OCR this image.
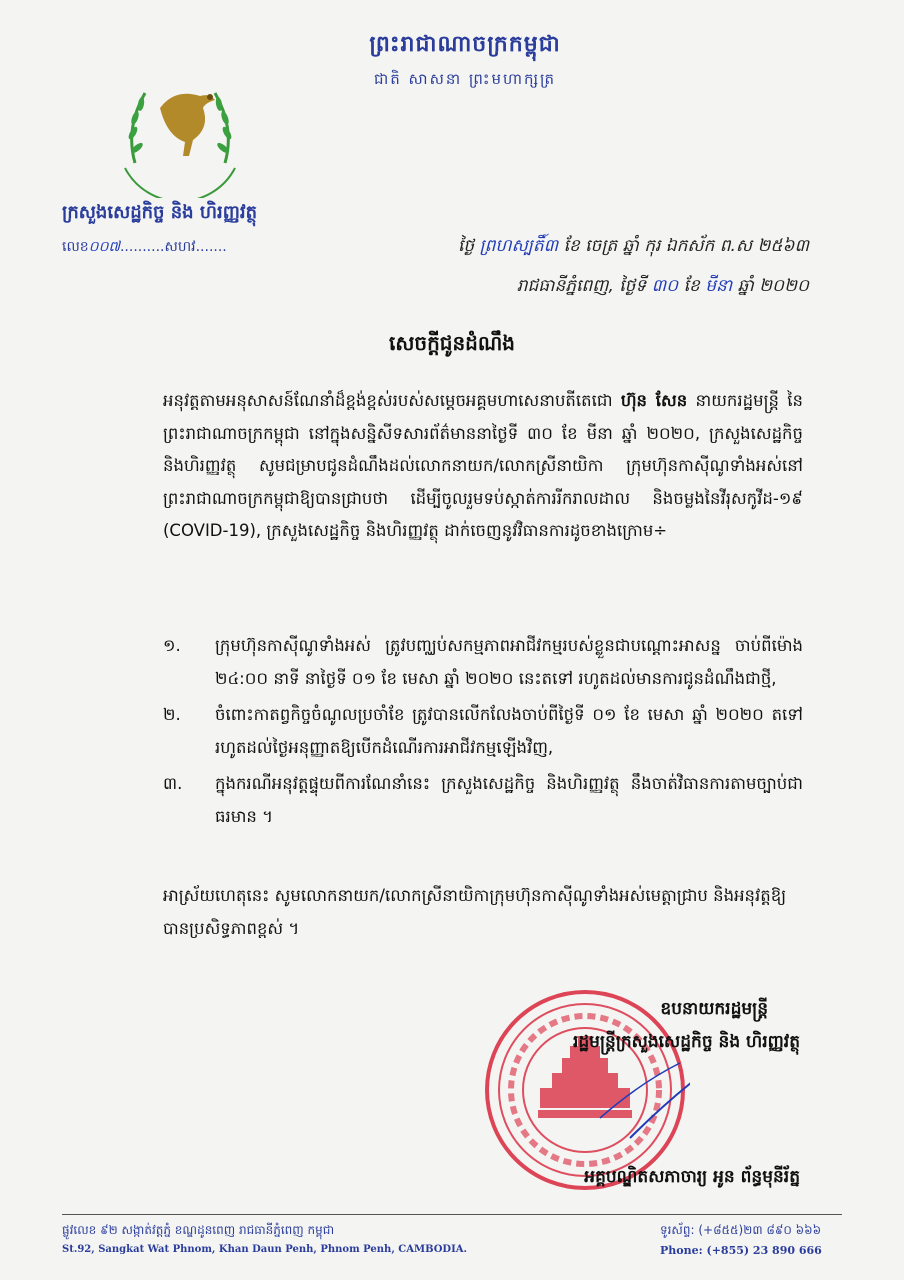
ព្រះរាជាណាចក្រកម្ពុជា
ជាតិ សាសនា ព្រះមហាក្សត្រ
ក្រសួងសេដ្ឋកិច្ច និង ហិរញ្ញវត្ថុ
លេខ០០៧..........សហវ.......	ថ្ងៃ ព្រហស្បតិ៍៣ ខែ ចេត្រ ឆ្នាំ កុរ ឯកស័ក ព.ស ២៥៦៣
រាជធានីភ្នំពេញ, ថ្ងៃទី ៣០ ខែ មីនា ឆ្នាំ ២០២០
សេចក្តីជូនដំណឹង
អនុវត្តតាមអនុសាសន៍ណែនាំដ៏ខ្ពង់ខ្ពស់របស់សម្តេចអគ្គមហាសេនាបតីតេជោ ហ៊ុន សែន នាយករដ្ឋមន្ត្រី នៃព្រះរាជាណាចក្រកម្ពុជា នៅក្នុងសន្និសីទសារព័ត៌មាននាថ្ងៃទី ៣០ ខែ មីនា ឆ្នាំ ២០២០, ក្រសួងសេដ្ឋកិច្ច និងហិរញ្ញវត្ថុ សូមជម្រាបជូនដំណឹងដល់លោកនាយក/លោកស្រីនាយិកា ក្រុមហ៊ុនកាស៊ីណូទាំងអស់នៅព្រះរាជាណាចក្រកម្ពុជាឱ្យបានជ្រាបថា ដើម្បីចូលរួមទប់ស្កាត់ការរីករាលដាល និងចម្លងនៃវីរុសកូវីដ-១៩ (COVID-19), ក្រសួងសេដ្ឋកិច្ច និងហិរញ្ញវត្ថុ ដាក់ចេញនូវវិធានការដូចខាងក្រោម÷
១.	ក្រុមហ៊ុនកាស៊ីណូទាំងអស់ ត្រូវបញ្ឈប់សកម្មភាពអាជីវកម្មរបស់ខ្លួនជាបណ្តោះអាសន្ន ចាប់ពីម៉ោង ២៤:០០ នាទី នាថ្ងៃទី ០១ ខែ មេសា ឆ្នាំ ២០២០ នេះតទៅ រហូតដល់មានការជូនដំណឹងជាថ្មី,
២.	ចំពោះកាតព្វកិច្ចចំណូលប្រចាំខែ ត្រូវបានលើកលែងចាប់ពីថ្ងៃទី ០១ ខែ មេសា ឆ្នាំ ២០២០ តទៅ រហូតដល់ថ្ងៃអនុញ្ញាតឱ្យបើកដំណើរការអាជីវកម្មឡើងវិញ,
៣.	ក្នុងករណីអនុវត្តផ្ទុយពីការណែនាំនេះ ក្រសួងសេដ្ឋកិច្ច និងហិរញ្ញវត្ថុ នឹងចាត់វិធានការតាមច្បាប់ជាធរមាន ។
អាស្រ័យហេតុនេះ សូមលោកនាយក/លោកស្រីនាយិកាក្រុមហ៊ុនកាស៊ីណូទាំងអស់មេត្តាជ្រាប និងអនុវត្តឱ្យបានប្រសិទ្ធភាពខ្ពស់ ។
ឧបនាយករដ្ឋមន្ត្រី
រដ្ឋមន្ត្រីក្រសួងសេដ្ឋកិច្ច និង ហិរញ្ញវត្ថុ
អគ្គបណ្ឌិតសភាចារ្យ អូន ព័ន្ធមុនីរ័ត្ន
ផ្លូវលេខ ៩២ សង្កាត់វត្តភ្នំ ខណ្ឌដូនពេញ រាជធានីភ្នំពេញ កម្ពុជា
St.92, Sangkat Wat Phnom, Khan Daun Penh, Phnom Penh, CAMBODIA.
ទូរស័ព្ទ: (+៨៥៥)២៣ ៨៩០ ៦៦៦
Phone: (+855) 23 890 666
